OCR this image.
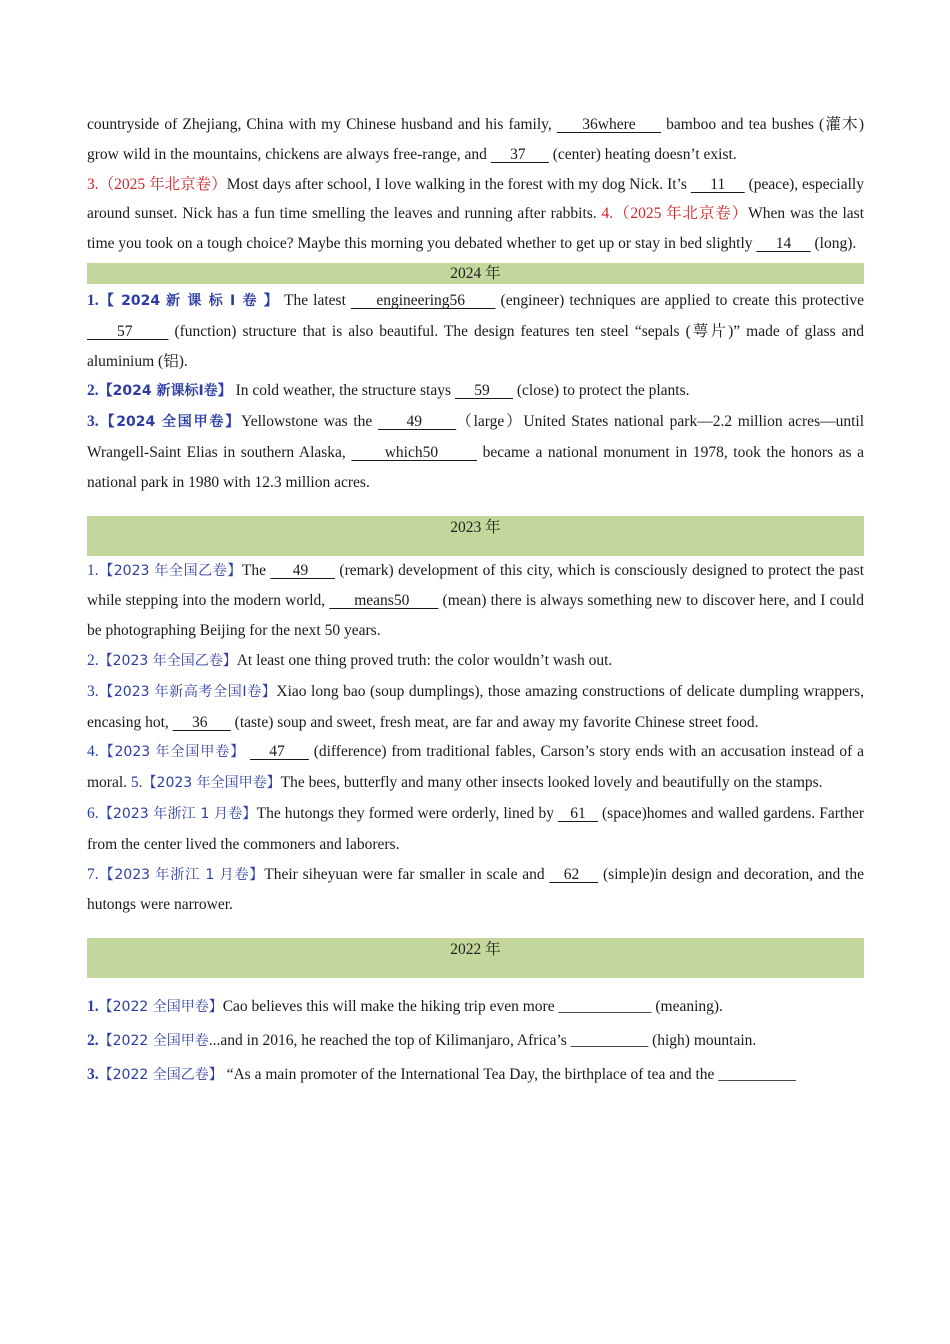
countryside of Zhejiang, China with my Chinese husband and his family,      36where      bamboo and tea bushes (灌木) grow wild in the mountains, chickens are always free-range, and      37       (center) heating doesn’t exist.

3.（2025 年北京卷）Most days after school, I love walking in the forest with my dog Nick. It’s      11      (peace), especially around sunset. Nick has a fun time smelling the leaves and running after rabbits. 4.（2025 年北京卷）When was the last time you took on a tough choice? Maybe this morning you debated whether to get up or stay in bed slightly      14      (long).

2024 年

1.【 2024 新 课 标 Ⅰ 卷 】 The latest      engineering56       (engineer) techniques are applied to create this protective      57       (function) structure that is also beautiful. The design features ten steel “sepals (萼片)” made of glass and aluminium (铝).

2.【2024 新课标Ⅰ卷】 In cold weather, the structure stays      59       (close) to protect the plants.

3.【2024 全国甲卷】Yellowstone was the      49      （large）United States national park—2.2 million acres—until Wrangell-Saint Elias in southern Alaska,       which50        became a national monument in 1978, took the honors as a national park in 1980 with 12.3 million acres.

2023 年

1.【2023 年全国乙卷】The      49       (remark) development of this city, which is consciously designed to protect the past while stepping into the modern world,       means50        (mean) there is always something new to discover here, and I could be photographing Beijing for the next 50 years.

2.【2023 年全国乙卷】At least one thing proved truth: the color wouldn’t wash out.

3.【2023 年新高考全国Ⅰ卷】Xiao long bao (soup dumplings), those amazing constructions of delicate dumpling wrappers, encasing hot,      36       (taste) soup and sweet, fresh meat, are far and away my favorite Chinese street food.

4.【2023 年全国甲卷】     47      (difference) from traditional fables, Carson’s story ends with an accusation instead of a moral. 5.【2023 年全国甲卷】The bees, butterfly and many other insects looked lovely and beautifully on the stamps.

6.【2023 年浙江 1 月卷】The hutongs they formed were orderly, lined by    61    (space)homes and walled gardens. Farther from the center lived the commoners and laborers.

7.【2023 年浙江 1 月卷】Their siheyuan were far smaller in scale and    62     (simple)in design and decoration, and the hutongs were narrower.

2022 年

1.【2022 全国甲卷】Cao believes this will make the hiking trip even more ____________ (meaning).

2.【2022 全国甲卷...and in 2016, he reached the top of Kilimanjaro, Africa’s __________ (high) mountain.

3.【2022 全国乙卷】 “As a main promoter of the International Tea Day, the birthplace of tea and the __________
